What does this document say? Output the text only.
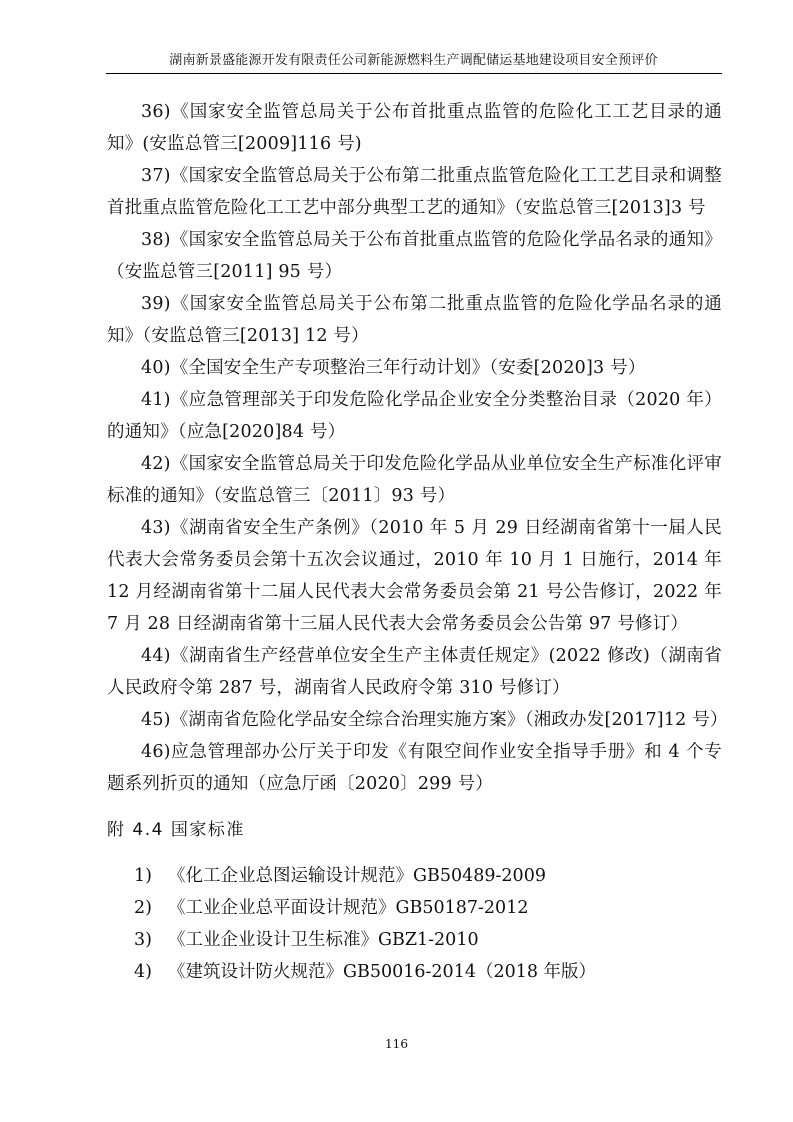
湖南新景盛能源开发有限责任公司新能源燃料生产调配储运基地建设项目安全预评价

36)《国家安全监管总局关于公布首批重点监管的危险化工工艺目录的通知》(安监总管三[2009]116 号)

37)《国家安全监管总局关于公布第二批重点监管危险化工工艺目录和调整首批重点监管危险化工工艺中部分典型工艺的通知》（安监总管三[2013]3 号

38)《国家安全监管总局关于公布首批重点监管的危险化学品名录的通知》（安监总管三[2011] 95 号）

39)《国家安全监管总局关于公布第二批重点监管的危险化学品名录的通知》（安监总管三[2013] 12 号）

40)《全国安全生产专项整治三年行动计划》（安委[2020]3 号）

41)《应急管理部关于印发危险化学品企业安全分类整治目录（2020 年）的通知》（应急[2020]84 号）

42)《国家安全监管总局关于印发危险化学品从业单位安全生产标准化评审标准的通知》（安监总管三〔2011〕93 号）

43)《湖南省安全生产条例》（2010 年 5 月 29 日经湖南省第十一届人民代表大会常务委员会第十五次会议通过，2010 年 10 月 1 日施行，2014 年 12 月经湖南省第十二届人民代表大会常务委员会第 21 号公告修订，2022 年 7 月 28 日经湖南省第十三届人民代表大会常务委员会公告第 97 号修订）

44)《湖南省生产经营单位安全生产主体责任规定》(2022 修改)（湖南省人民政府令第 287 号，湖南省人民政府令第 310 号修订）

45)《湖南省危险化学品安全综合治理实施方案》（湘政办发[2017]12 号）

46)应急管理部办公厅关于印发《有限空间作业安全指导手册》和 4 个专题系列折页的通知（应急厅函〔2020〕299 号）

附 4.4 国家标准

1) 《化工企业总图运输设计规范》GB50489-2009

2) 《工业企业总平面设计规范》GB50187-2012

3) 《工业企业设计卫生标准》GBZ1-2010

4) 《建筑设计防火规范》GB50016-2014（2018 年版）

116
